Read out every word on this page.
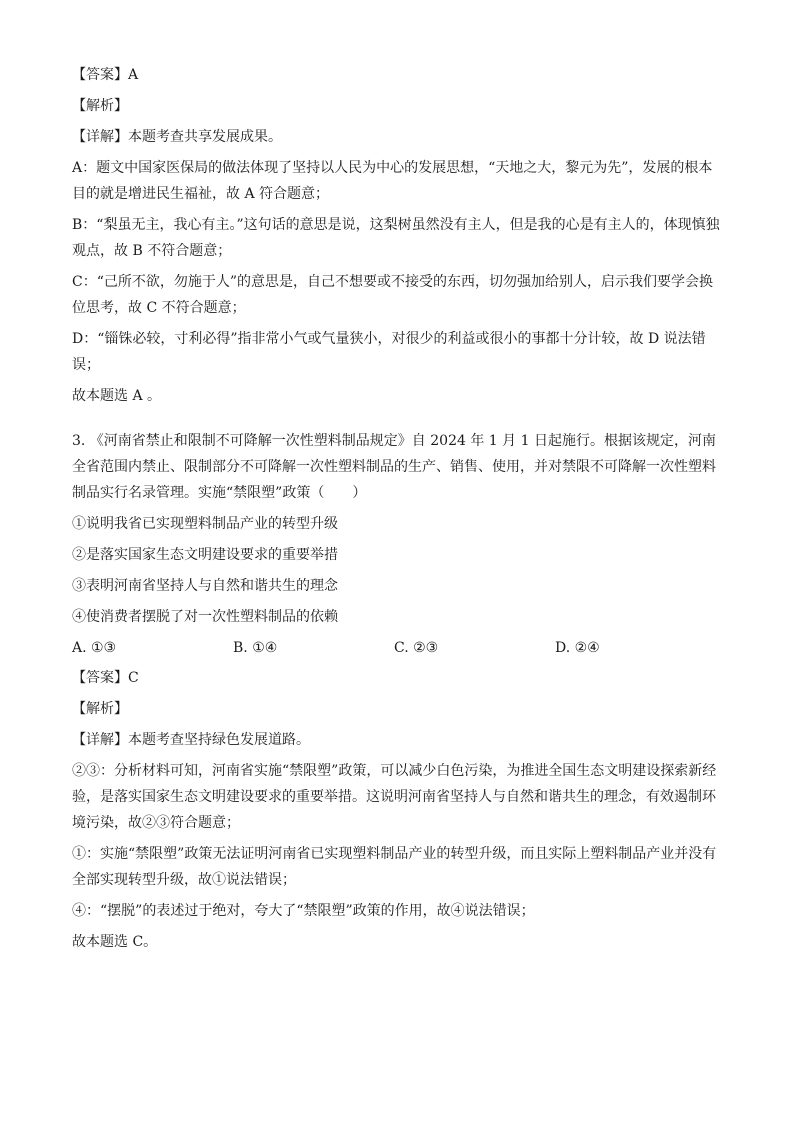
【答案】A

【解析】

【详解】本题考查共享发展成果。

A：题文中国家医保局的做法体现了坚持以人民为中心的发展思想，“天地之大，黎元为先”，发展的根本目的就是增进民生福祉，故 A 符合题意；

B：“梨虽无主，我心有主。”这句话的意思是说，这梨树虽然没有主人，但是我的心是有主人的，体现慎独观点，故 B 不符合题意；

C：“己所不欲，勿施于人”的意思是，自己不想要或不接受的东西，切勿强加给别人，启示我们要学会换位思考，故 C 不符合题意；

D：“锱铢必较，寸利必得”指非常小气或气量狭小，对很少的利益或很小的事都十分计较，故 D 说法错误；

故本题选 A 。

3. 《河南省禁止和限制不可降解一次性塑料制品规定》自 2024 年 1 月 1 日起施行。根据该规定，河南全省范围内禁止、限制部分不可降解一次性塑料制品的生产、销售、使用，并对禁限不可降解一次性塑料制品实行名录管理。实施“禁限塑”政策（　　）

①说明我省已实现塑料制品产业的转型升级

②是落实国家生态文明建设要求的重要举措

③表明河南省坚持人与自然和谐共生的理念

④使消费者摆脱了对一次性塑料制品的依赖

A. ①③	B. ①④	C. ②③	D. ②④

【答案】C

【解析】

【详解】本题考查坚持绿色发展道路。

②③：分析材料可知，河南省实施“禁限塑”政策，可以减少白色污染，为推进全国生态文明建设探索新经验，是落实国家生态文明建设要求的重要举措。这说明河南省坚持人与自然和谐共生的理念，有效遏制环境污染，故②③符合题意；

①：实施“禁限塑”政策无法证明河南省已实现塑料制品产业的转型升级，而且实际上塑料制品产业并没有全部实现转型升级，故①说法错误；

④：“摆脱”的表述过于绝对，夸大了“禁限塑”政策的作用，故④说法错误；

故本题选 C。
